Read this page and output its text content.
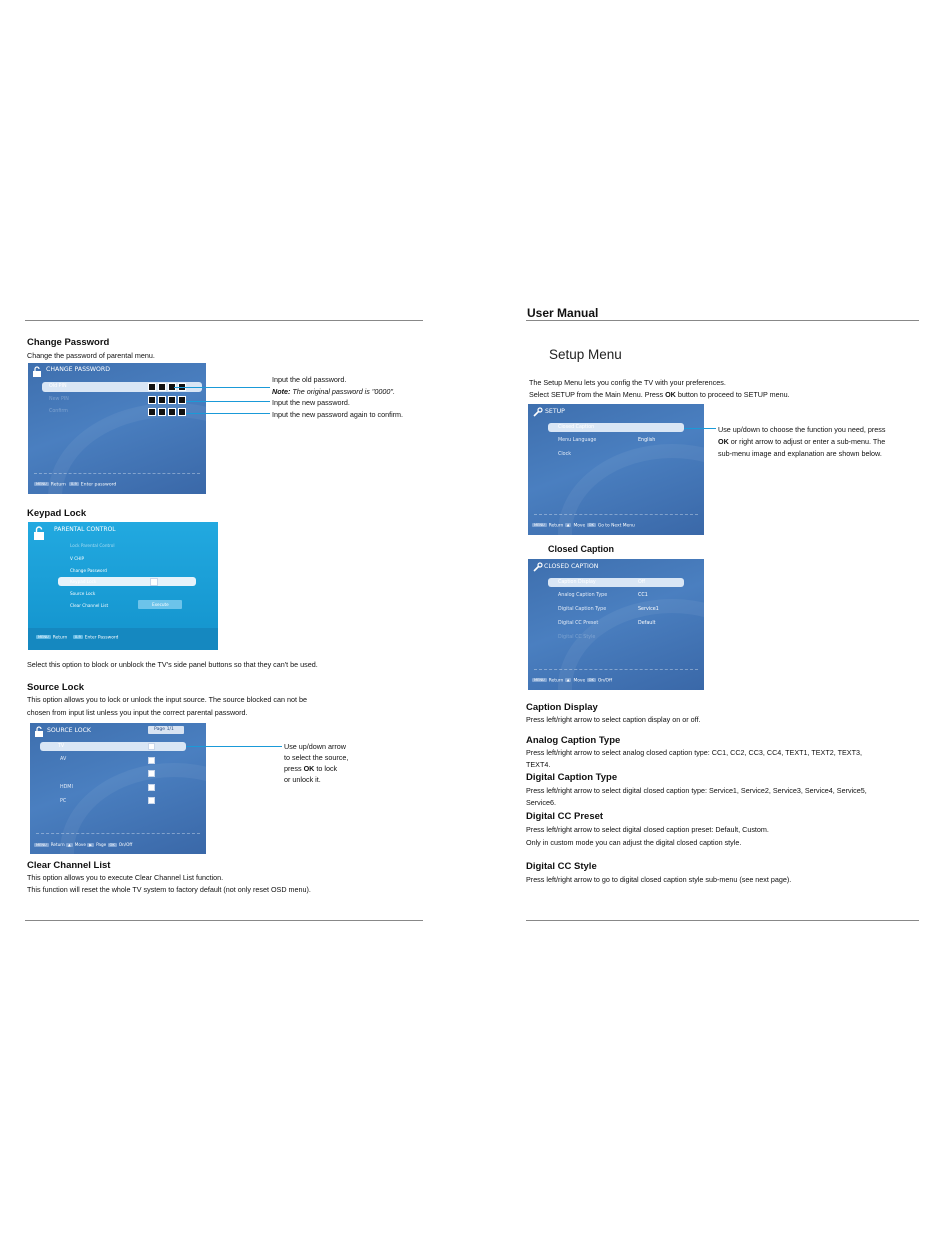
Change Password
Change the password of parental menu.
CHANGE PASSWORD
Old PIN
New PIN
Confirm
MENU Return 0-9 Enter password
Input the old password.
Note: The original password is "0000".
Input the new password.
Input the new password again to confirm.
Keypad Lock
PARENTAL CONTROL
Lock Parental Control
V CHIP
Change Password
Keypad Lock
Source Lock
Clear Channel List	Execute
MENU Return 0-9 Enter Password
Select this option to block or unblock the TV's side panel buttons so that they can't be used.
Source Lock
This option allows you to lock or unlock the input source. The source blocked can not be
chosen from input list unless you input the correct parental password.
SOURCE LOCK	Page 1/1
TV
AV
HDMI
PC
MENU Return ▲ Move ▶ Page OK On/Off
Use up/down arrow
to select the source,
press OK to lock
or unlock it.
Clear Channel List
This option allows you to execute Clear Channel List function.
This function will reset the whole TV system to factory default (not only reset OSD menu).
User Manual
Setup Menu
The Setup Menu lets you config the TV with your preferences.
Select SETUP from the Main Menu. Press OK button to proceed to SETUP menu.
SETUP
Closed Caption
Menu Language	English
Clock
MENU Return ▲ Move OK Go to Next Menu
Use up/down to choose the function you need, press
OK or right arrow to adjust or enter a sub-menu. The
sub-menu image and explanation are shown below.
Closed Caption
CLOSED CAPTION
Caption Display	Off
Analog Caption Type	CC1
Digital Caption Type	Service1
Digital CC Preset	Default
Digital CC Style
MENU Return ▲ Move OK On/Off
Caption Display
Press left/right arrow to select caption display on or off.
Analog Caption Type
Press left/right arrow to select analog closed caption type: CC1, CC2, CC3, CC4, TEXT1, TEXT2, TEXT3,
TEXT4.
Digital Caption Type
Press left/right arrow to select digital closed caption type: Service1, Service2, Service3, Service4, Service5,
Service6.
Digital CC Preset
Press left/right arrow to select digital closed caption preset: Default, Custom.
Only in custom mode you can adjust the digital closed caption style.
Digital CC Style
Press left/right arrow to go to digital closed caption style sub-menu (see next page).
